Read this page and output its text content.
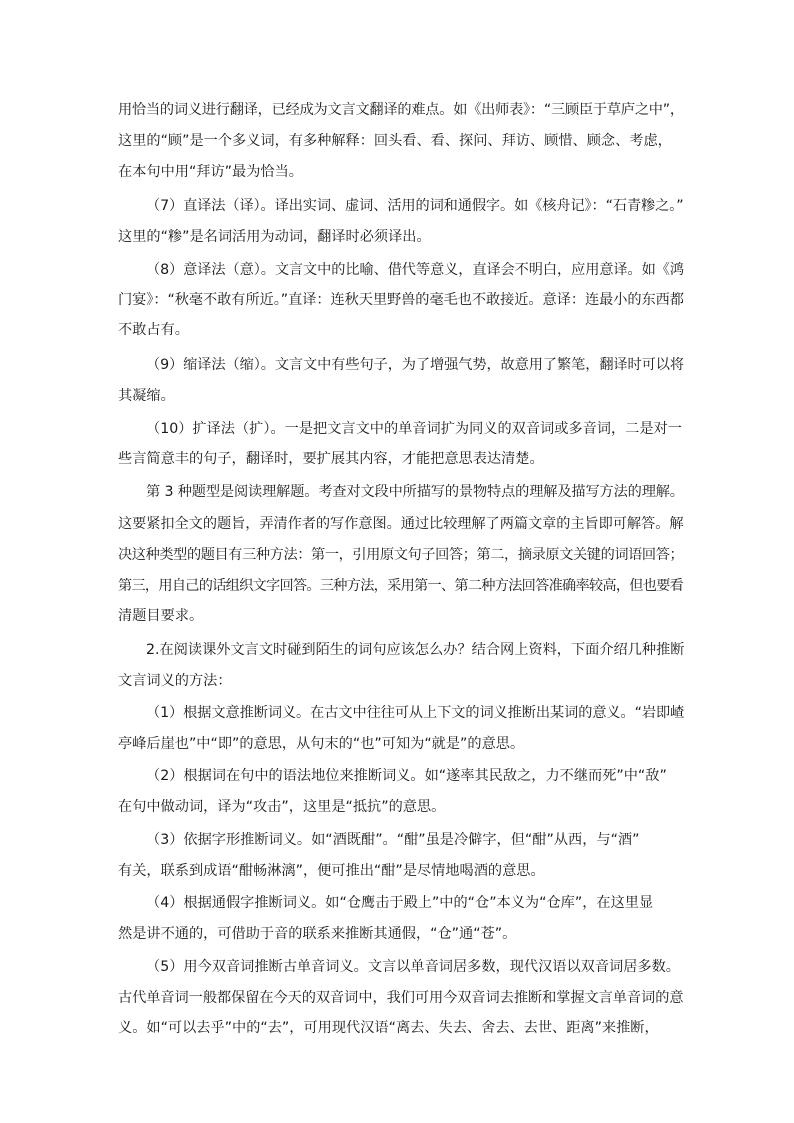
用恰当的词义进行翻译，已经成为文言文翻译的难点。如《出师表》：“三顾臣于草庐之中”，
这里的“顾”是一个多义词，有多种解释：回头看、看、探问、拜访、顾惜、顾念、考虑，
在本句中用“拜访”最为恰当。
（7）直译法（译）。译出实词、虚词、活用的词和通假字。如《核舟记》：“石青糁之。”
这里的“糁”是名词活用为动词，翻译时必须译出。
（8）意译法（意）。文言文中的比喻、借代等意义，直译会不明白，应用意译。如《鸿
门宴》：“秋毫不敢有所近。”直译：连秋天里野兽的毫毛也不敢接近。意译：连最小的东西都
不敢占有。
（9）缩译法（缩）。文言文中有些句子，为了增强气势，故意用了繁笔，翻译时可以将
其凝缩。
（10）扩译法（扩）。一是把文言文中的单音词扩为同义的双音词或多音词，二是对一
些言简意丰的句子，翻译时，要扩展其内容，才能把意思表达清楚。
第 3 种题型是阅读理解题。考查对文段中所描写的景物特点的理解及描写方法的理解。
这要紧扣全文的题旨，弄清作者的写作意图。通过比较理解了两篇文章的主旨即可解答。解
决这种类型的题目有三种方法：第一，引用原文句子回答；第二，摘录原文关键的词语回答；
第三，用自己的话组织文字回答。三种方法，采用第一、第二种方法回答准确率较高，但也要看
清题目要求。
2.在阅读课外文言文时碰到陌生的词句应该怎么办？结合网上资料，下面介绍几种推断
文言词义的方法：
（1）根据文意推断词义。在古文中往往可从上下文的词义推断出某词的意义。“岩即嵖
亭峰后崖也”中“即”的意思，从句末的“也”可知为“就是”的意思。
（2）根据词在句中的语法地位来推断词义。如“遂率其民敌之，力不继而死”中“敌”
在句中做动词，译为“攻击”，这里是“抵抗”的意思。
（3）依据字形推断词义。如“酒既酣”。“酣”虽是冷僻字，但“酣”从西，与“酒”
有关，联系到成语“酣畅淋漓”，便可推出“酣”是尽情地喝酒的意思。
（4）根据通假字推断词义。如“仓鹰击于殿上”中的“仓”本义为“仓库”，在这里显
然是讲不通的，可借助于音的联系来推断其通假，“仓”通“苍”。
（5）用今双音词推断古单音词义。文言以单音词居多数，现代汉语以双音词居多数。
古代单音词一般都保留在今天的双音词中，我们可用今双音词去推断和掌握文言单音词的意
义。如“可以去乎”中的“去”，可用现代汉语“离去、失去、舍去、去世、距离”来推断，
